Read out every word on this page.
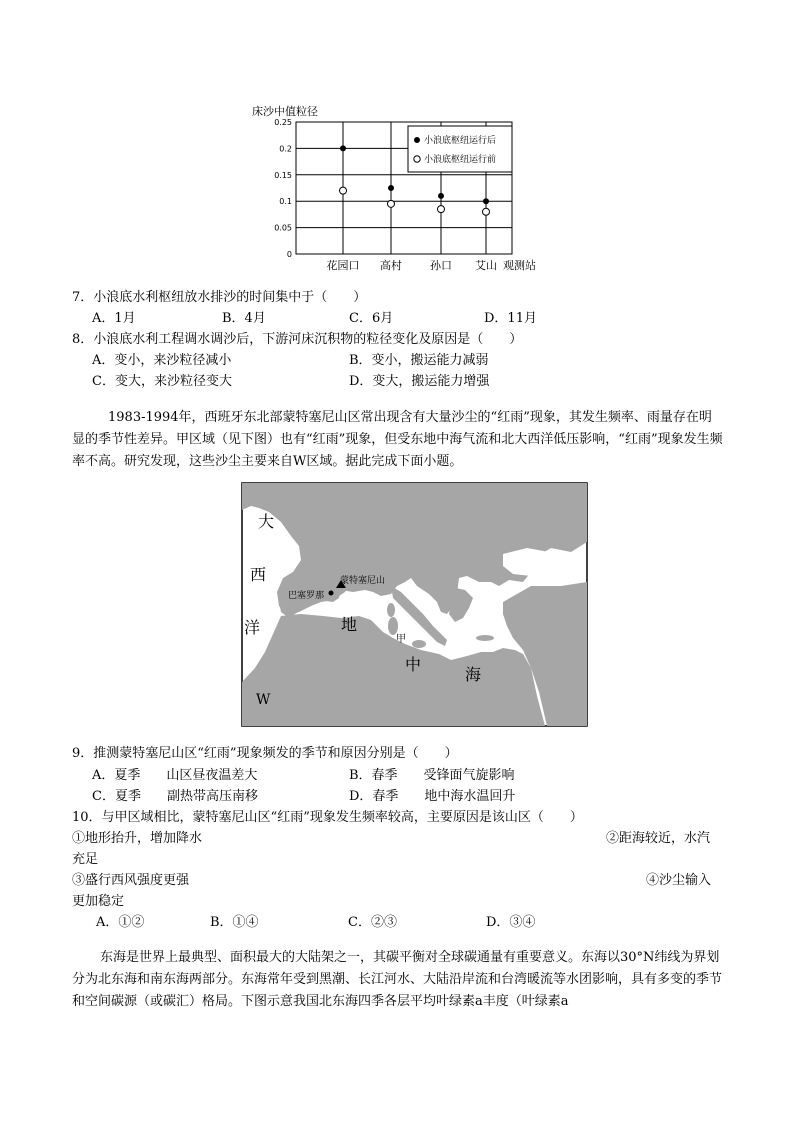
床沙中值粒径
0.25
0.2
0.15
0.1
0.05
0
花园口 高村	孙口 艾山
小浪底枢纽运行后
小浪底枢纽运行前
观测站
7．小浪底水利枢纽放水排沙的时间集中于（　　）
A．1月	B．4月	C．6月	D．11月
8．小浪底水利工程调水调沙后，下游河床沉积物的粒径变化及原因是（　　）
A．变小，来沙粒径减小	B．变小，搬运能力减弱
C．变大，来沙粒径变大	D．变大，搬运能力增强
1983-1994年，西班牙东北部蒙特塞尼山区常出现含有大量沙尘的“红雨”现象，其发生频率、雨量存在明显的季节性差异。甲区域（见下图）也有“红雨”现象，但受东地中海气流和北大西洋低压影响，“红雨”现象发生频率不高。研究发现，这些沙尘主要来自W区域。据此完成下面小题。
大
西
洋	地
中
海
甲
W
蒙特塞尼山
巴塞罗那
9．推测蒙特塞尼山区“红雨”现象频发的季节和原因分别是（　　）
A．夏季　　山区昼夜温差大	B．春季　　受锋面气旋影响
C．夏季　　副热带高压南移	D．春季　　地中海水温回升
10．与甲区域相比，蒙特塞尼山区“红雨”现象发生频率较高，主要原因是该山区（　　）
①地形抬升，增加降水	②距海较近，水汽
充足
③盛行西风强度更强	④沙尘输入
更加稳定
A．①②	B．①④	C．②③	D．③④
东海是世界上最典型、面积最大的大陆架之一，其碳平衡对全球碳通量有重要意义。东海以30°N纬线为界划分为北东海和南东海两部分。东海常年受到黑潮、长江河水、大陆沿岸流和台湾暖流等水团影响，具有多变的季节和空间碳源（或碳汇）格局。下图示意我国北东海四季各层平均叶绿素a丰度（叶绿素a
